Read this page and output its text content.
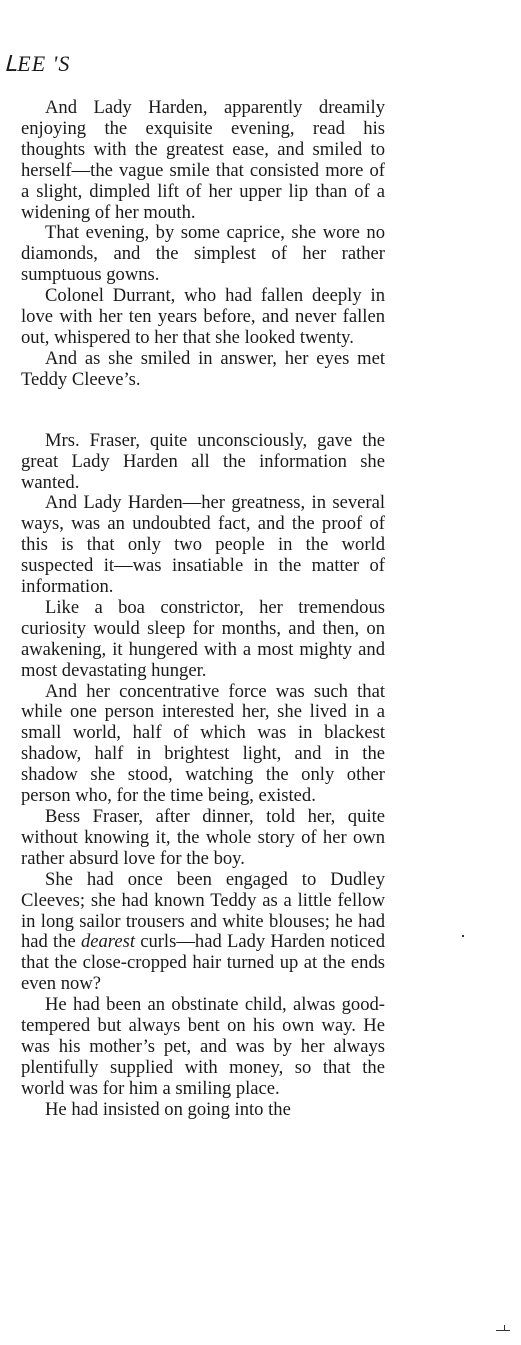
ᒪEE 'S

And Lady Harden, apparently dreamily enjoying the exquisite evening, read his thoughts with the greatest ease, and smiled to herself—the vague smile that consisted more of a slight, dimpled lift of her upper lip than of a widening of her mouth.

That evening, by some caprice, she wore no diamonds, and the simplest of her rather sumptuous gowns.

Colonel Durrant, who had fallen deeply in love with her ten years before, and never fallen out, whispered to her that she looked twenty.

And as she smiled in answer, her eyes met Teddy Cleeve’s.

Mrs. Fraser, quite unconsciously, gave the great Lady Harden all the information she wanted.

And Lady Harden—her greatness, in several ways, was an undoubted fact, and the proof of this is that only two people in the world suspected it—was insatiable in the matter of information.

Like a boa constrictor, her tremendous curiosity would sleep for months, and then, on awakening, it hungered with a most mighty and most devastating hunger.

And her concentrative force was such that while one person interested her, she lived in a small world, half of which was in blackest shadow, half in brightest light, and in the shadow she stood, watching the only other person who, for the time being, existed.

Bess Fraser, after dinner, told her, quite without knowing it, the whole story of her own rather absurd love for the boy.

She had once been engaged to Dudley Cleeves; she had known Teddy as a little fellow in long sailor trousers and white blouses; he had had the dearest curls—had Lady Harden noticed that the close-cropped hair turned up at the ends even now?

He had been an obstinate child, alwas good-tempered but always bent on his own way. He was his mother’s pet, and was by her always plentifully supplied with money, so that the world was for him a smiling place.

He had insisted on going into the
